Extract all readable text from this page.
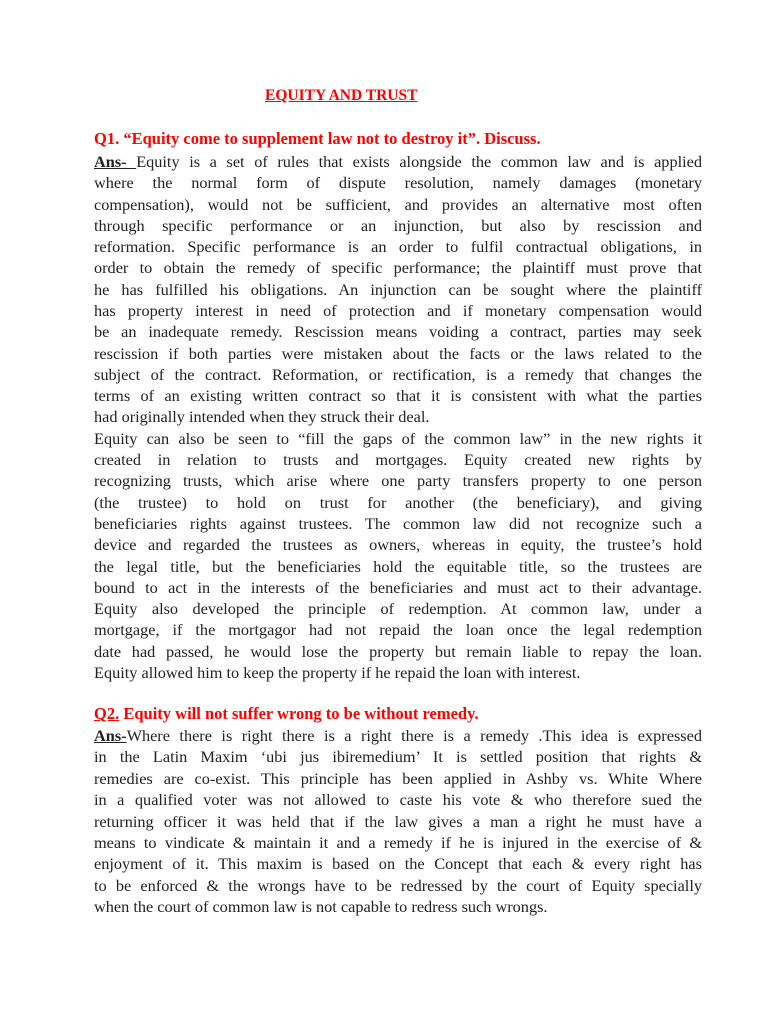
EQUITY AND TRUST
Q1. “Equity come to supplement law not to destroy it”. Discuss.
Ans- Equity is a set of rules that exists alongside the common law and is applied
where the normal form of dispute resolution, namely damages (monetary
compensation), would not be sufficient, and provides an alternative most often
through specific performance or an injunction, but also by rescission and
reformation. Specific performance is an order to fulfil contractual obligations, in
order to obtain the remedy of specific performance; the plaintiff must prove that
he has fulfilled his obligations. An injunction can be sought where the plaintiff
has property interest in need of protection and if monetary compensation would
be an inadequate remedy. Rescission means voiding a contract, parties may seek
rescission if both parties were mistaken about the facts or the laws related to the
subject of the contract. Reformation, or rectification, is a remedy that changes the
terms of an existing written contract so that it is consistent with what the parties
had originally intended when they struck their deal.
Equity can also be seen to “fill the gaps of the common law” in the new rights it
created in relation to trusts and mortgages. Equity created new rights by
recognizing trusts, which arise where one party transfers property to one person
(the trustee) to hold on trust for another (the beneficiary), and giving
beneficiaries rights against trustees. The common law did not recognize such a
device and regarded the trustees as owners, whereas in equity, the trustee’s hold
the legal title, but the beneficiaries hold the equitable title, so the trustees are
bound to act in the interests of the beneficiaries and must act to their advantage.
Equity also developed the principle of redemption. At common law, under a
mortgage, if the mortgagor had not repaid the loan once the legal redemption
date had passed, he would lose the property but remain liable to repay the loan.
Equity allowed him to keep the property if he repaid the loan with interest.
Q2. Equity will not suffer wrong to be without remedy.
Ans-Where there is right there is a right there is a remedy .This idea is expressed
in the Latin Maxim ‘ubi jus ibiremedium’ It is settled position that rights &
remedies are co-exist. This principle has been applied in Ashby vs. White Where
in a qualified voter was not allowed to caste his vote & who therefore sued the
returning officer it was held that if the law gives a man a right he must have a
means to vindicate & maintain it and a remedy if he is injured in the exercise of &
enjoyment of it. This maxim is based on the Concept that each & every right has
to be enforced & the wrongs have to be redressed by the court of Equity specially
when the court of common law is not capable to redress such wrongs.
